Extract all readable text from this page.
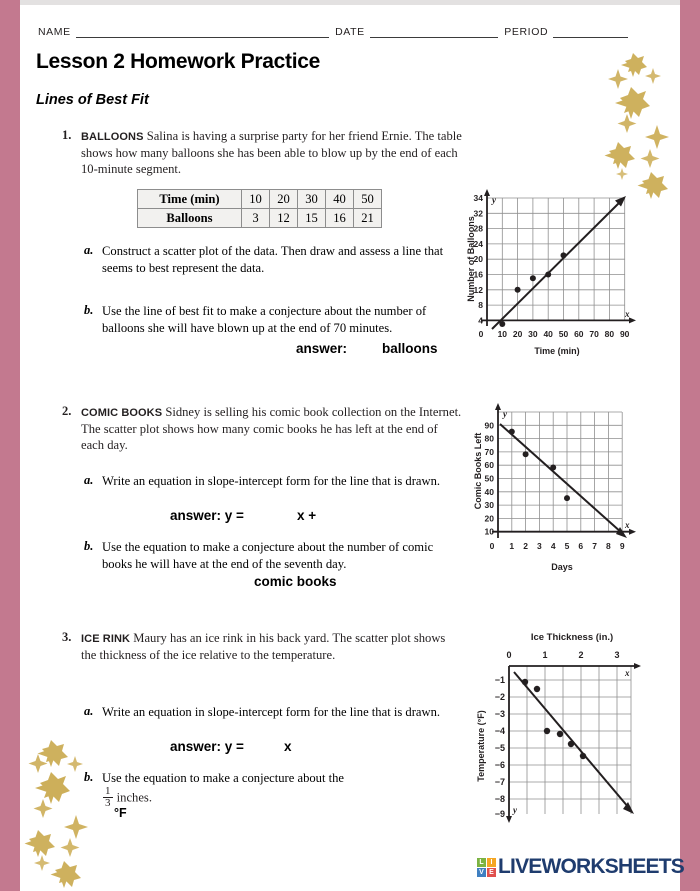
NAME	DATE	PERIOD
Lesson 2 Homework Practice
Lines of Best Fit
1. BALLOONS Salina is having a surprise party for her friend Ernie. The table shows how many balloons she has been able to blow up by the end of each 10-minute segment.
Time (min)	10	20	30	40	50
Balloons	3	12	15	16	21
a. Construct a scatter plot of the data. Then draw and assess a line that seems to best represent the data.
b. Use the line of best fit to make a conjecture about the number of balloons she will have blown up at the end of 70 minutes.
answer:	balloons
y
x
34
32
28
24
20
16
12
8
4
0 10 20 30 40 50 60 70 80 90
Time (min)
Number of Balloons
2. COMIC BOOKS Sidney is selling his comic book collection on the Internet. The scatter plot shows how many comic books he has left at the end of each day.
a. Write an equation in slope-intercept form for the line that is drawn.
answer: y =	x +
b. Use the equation to make a conjecture about the number of comic books he will have at the end of the seventh day.
comic books
y
x
90
80
70
60
50
40
30
20
10
0 1 2 3 4 5 6 7 8 9
Days
Comic Books Left
3. ICE RINK Maury has an ice rink in his back yard. The scatter plot shows the thickness of the ice relative to the temperature.
a. Write an equation in slope-intercept form for the line that is drawn.
answer: y =	x
b. Use the equation to make a conjecture about the
$\frac{1}{3}$ inches.
°F
Ice Thickness (in.)
0	1	2	3
x
y
−1
−2
−3
−4
−5
−6
−7
−8
−9
Temperature (°F)
L I
V E LIVEWORKSHEETS
